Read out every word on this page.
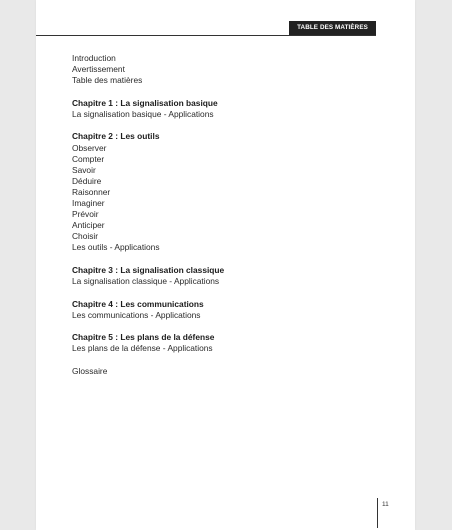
TABLE DES MATIÈRES
Introduction
Avertissement
Table des matières
Chapitre 1 : La signalisation basique
La signalisation basique - Applications
Chapitre 2 : Les outils
Observer
Compter
Savoir
Déduire
Raisonner
Imaginer
Prévoir
Anticiper
Choisir
Les outils - Applications
Chapitre 3 : La signalisation classique
La signalisation classique - Applications
Chapitre 4 : Les communications
Les communications - Applications
Chapitre 5 : Les plans de la défense
Les plans de la défense - Applications
Glossaire
11
